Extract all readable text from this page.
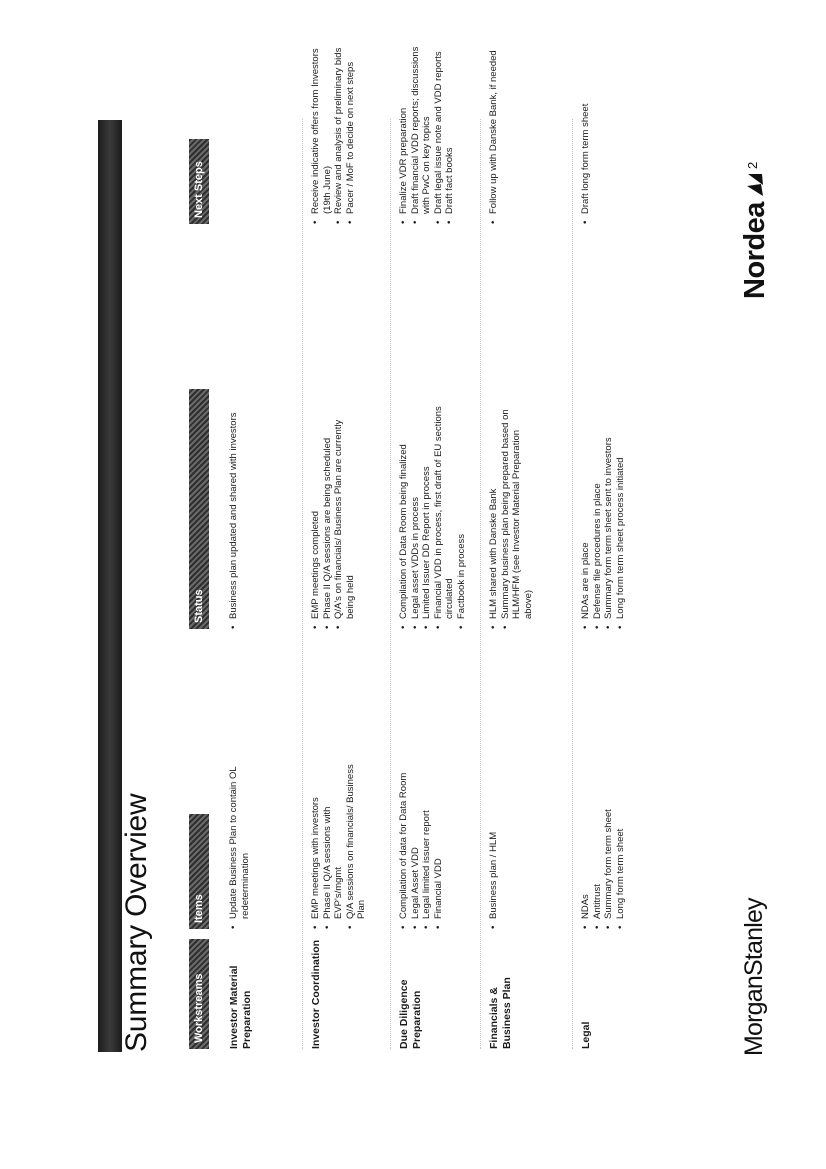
Summary Overview	Workstreams
Items
Status
Next Steps
Investor Material Preparation
• Update Business Plan to contain OL redetermination
• Business plan updated and shared with investors
Investor Coordination
• EMP meetings with investors • Phase II Q/A sessions with EVP's/mgmt • Q/A sessions on financials/ Business Plan
• EMP meetings completed • Phase II Q/A sessions are being scheduled • Q/A's on financials/ Business Plan are currently being held
• Receive indicative offers from Investors (19th June) • Review and analysis of preliminary bids • Pacer / MoF to decide on next steps
Due Diligence Preparation
• Compilation of data for Data Room • Legal Asset VDD • Legal limited issuer report • Financial VDD
• Compilation of Data Room being finalized • Legal asset VDDs in process • Limited Issuer DD Report in process • Financial VDD in process, first draft of EU sections circulated • Factbook in process
• Finalize VDR preparation • Draft financial VDD reports; discussions with PwC on key topics • Draft legal issue note and VDD reports • Draft fact books
Financials & Business Plan
• Business plan / HLM
• HLM shared with Danske Bank • Summary business plan being prepared based on HLM/HFM (see Investor Material Preparation above)
• Follow up with Danske Bank, if needed
Legal
• NDAs • Antitrust • Summary form term sheet • Long form term sheet
• NDAs are in place • Defense file procedures in place • Summary form term sheet sent to investors • Long form term sheet process initiated
• Draft long form term sheet
MorganStanley
Nordea
2
